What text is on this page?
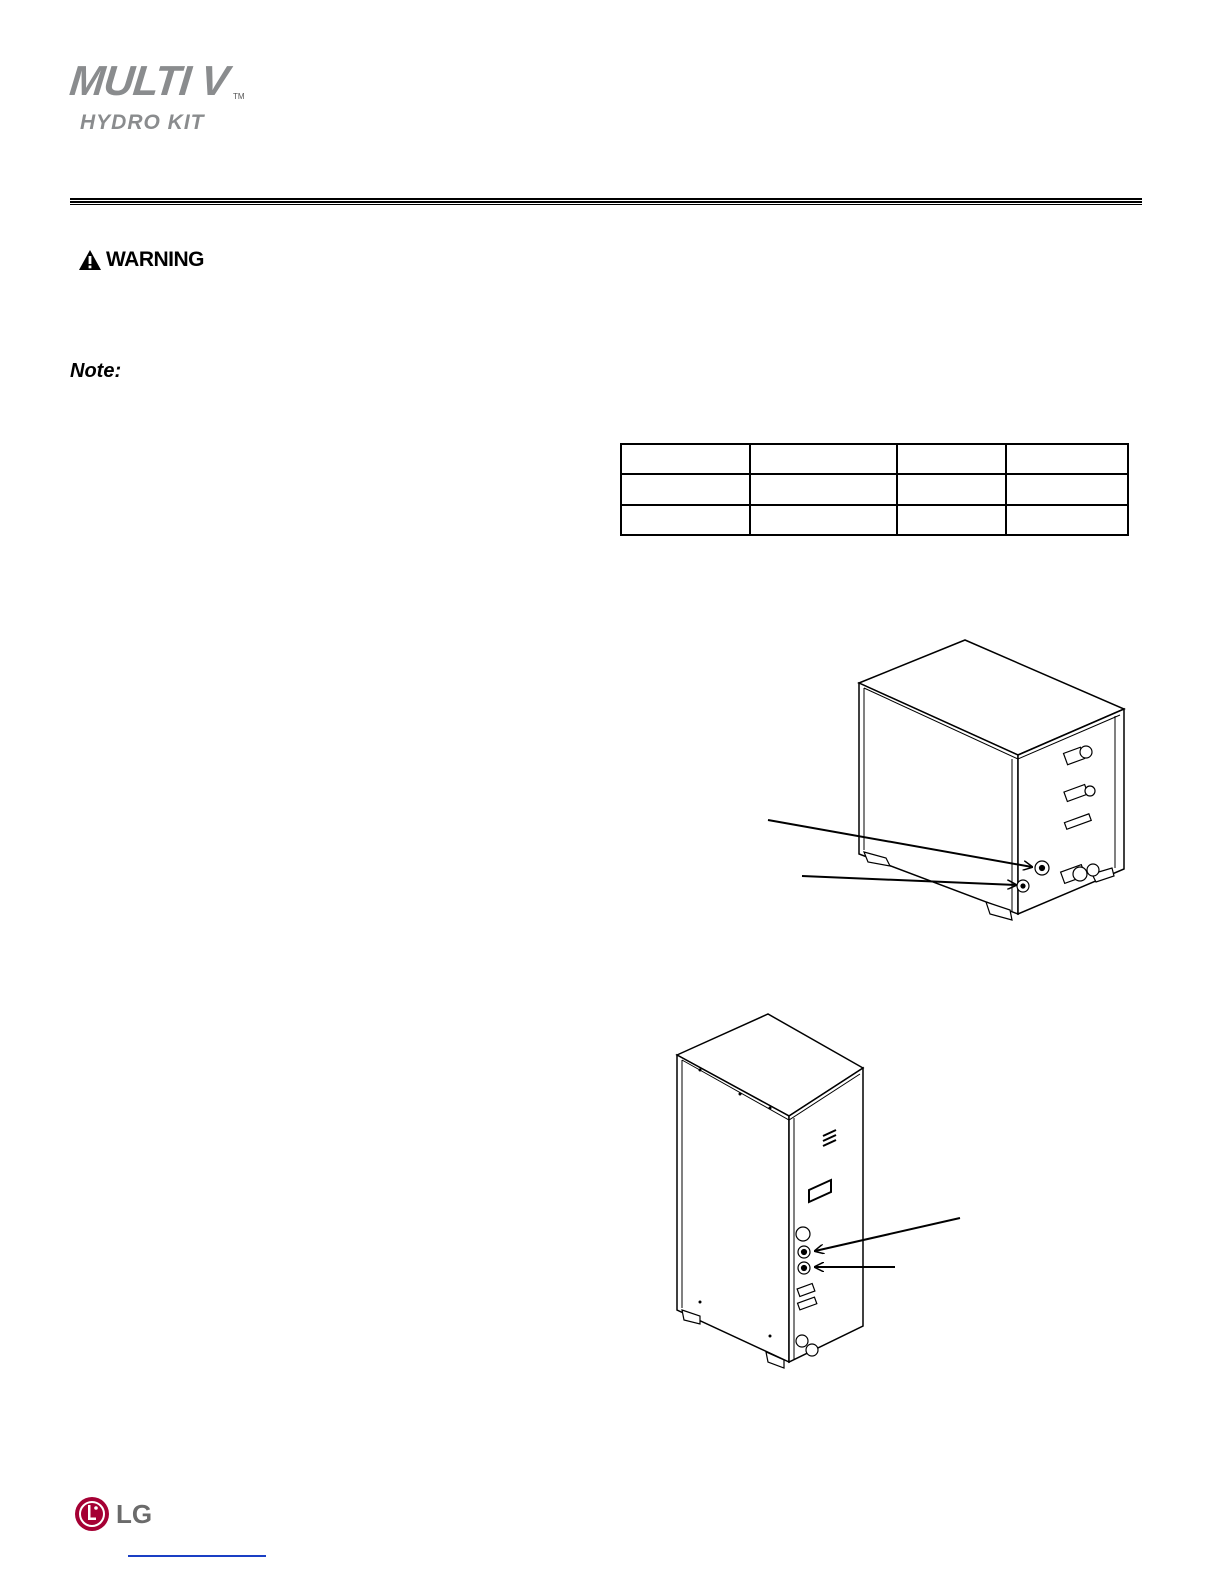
MULTI V TM
HYDRO KIT
WARNING
Note:

LG
